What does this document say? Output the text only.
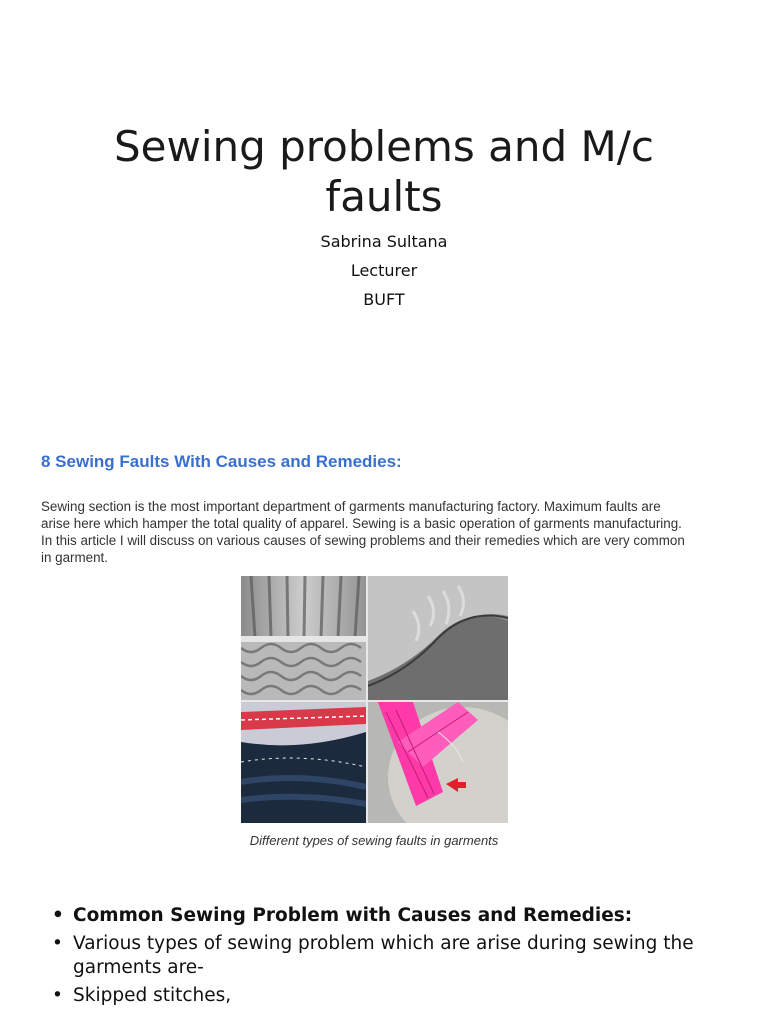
Sewing problems and M/c faults
Sabrina Sultana
Lecturer
BUFT
8 Sewing Faults With Causes and Remedies:
Sewing section is the most important department of garments manufacturing factory. Maximum faults are arise here which hamper the total quality of apparel. Sewing is a basic operation of garments manufacturing. In this article I will discuss on various causes of sewing problems and their remedies which are very common in garment.
Different types of sewing faults in garments
• Common Sewing Problem with Causes and Remedies:
• Various types of sewing problem which are arise during sewing the garments are-
• Skipped stitches,
